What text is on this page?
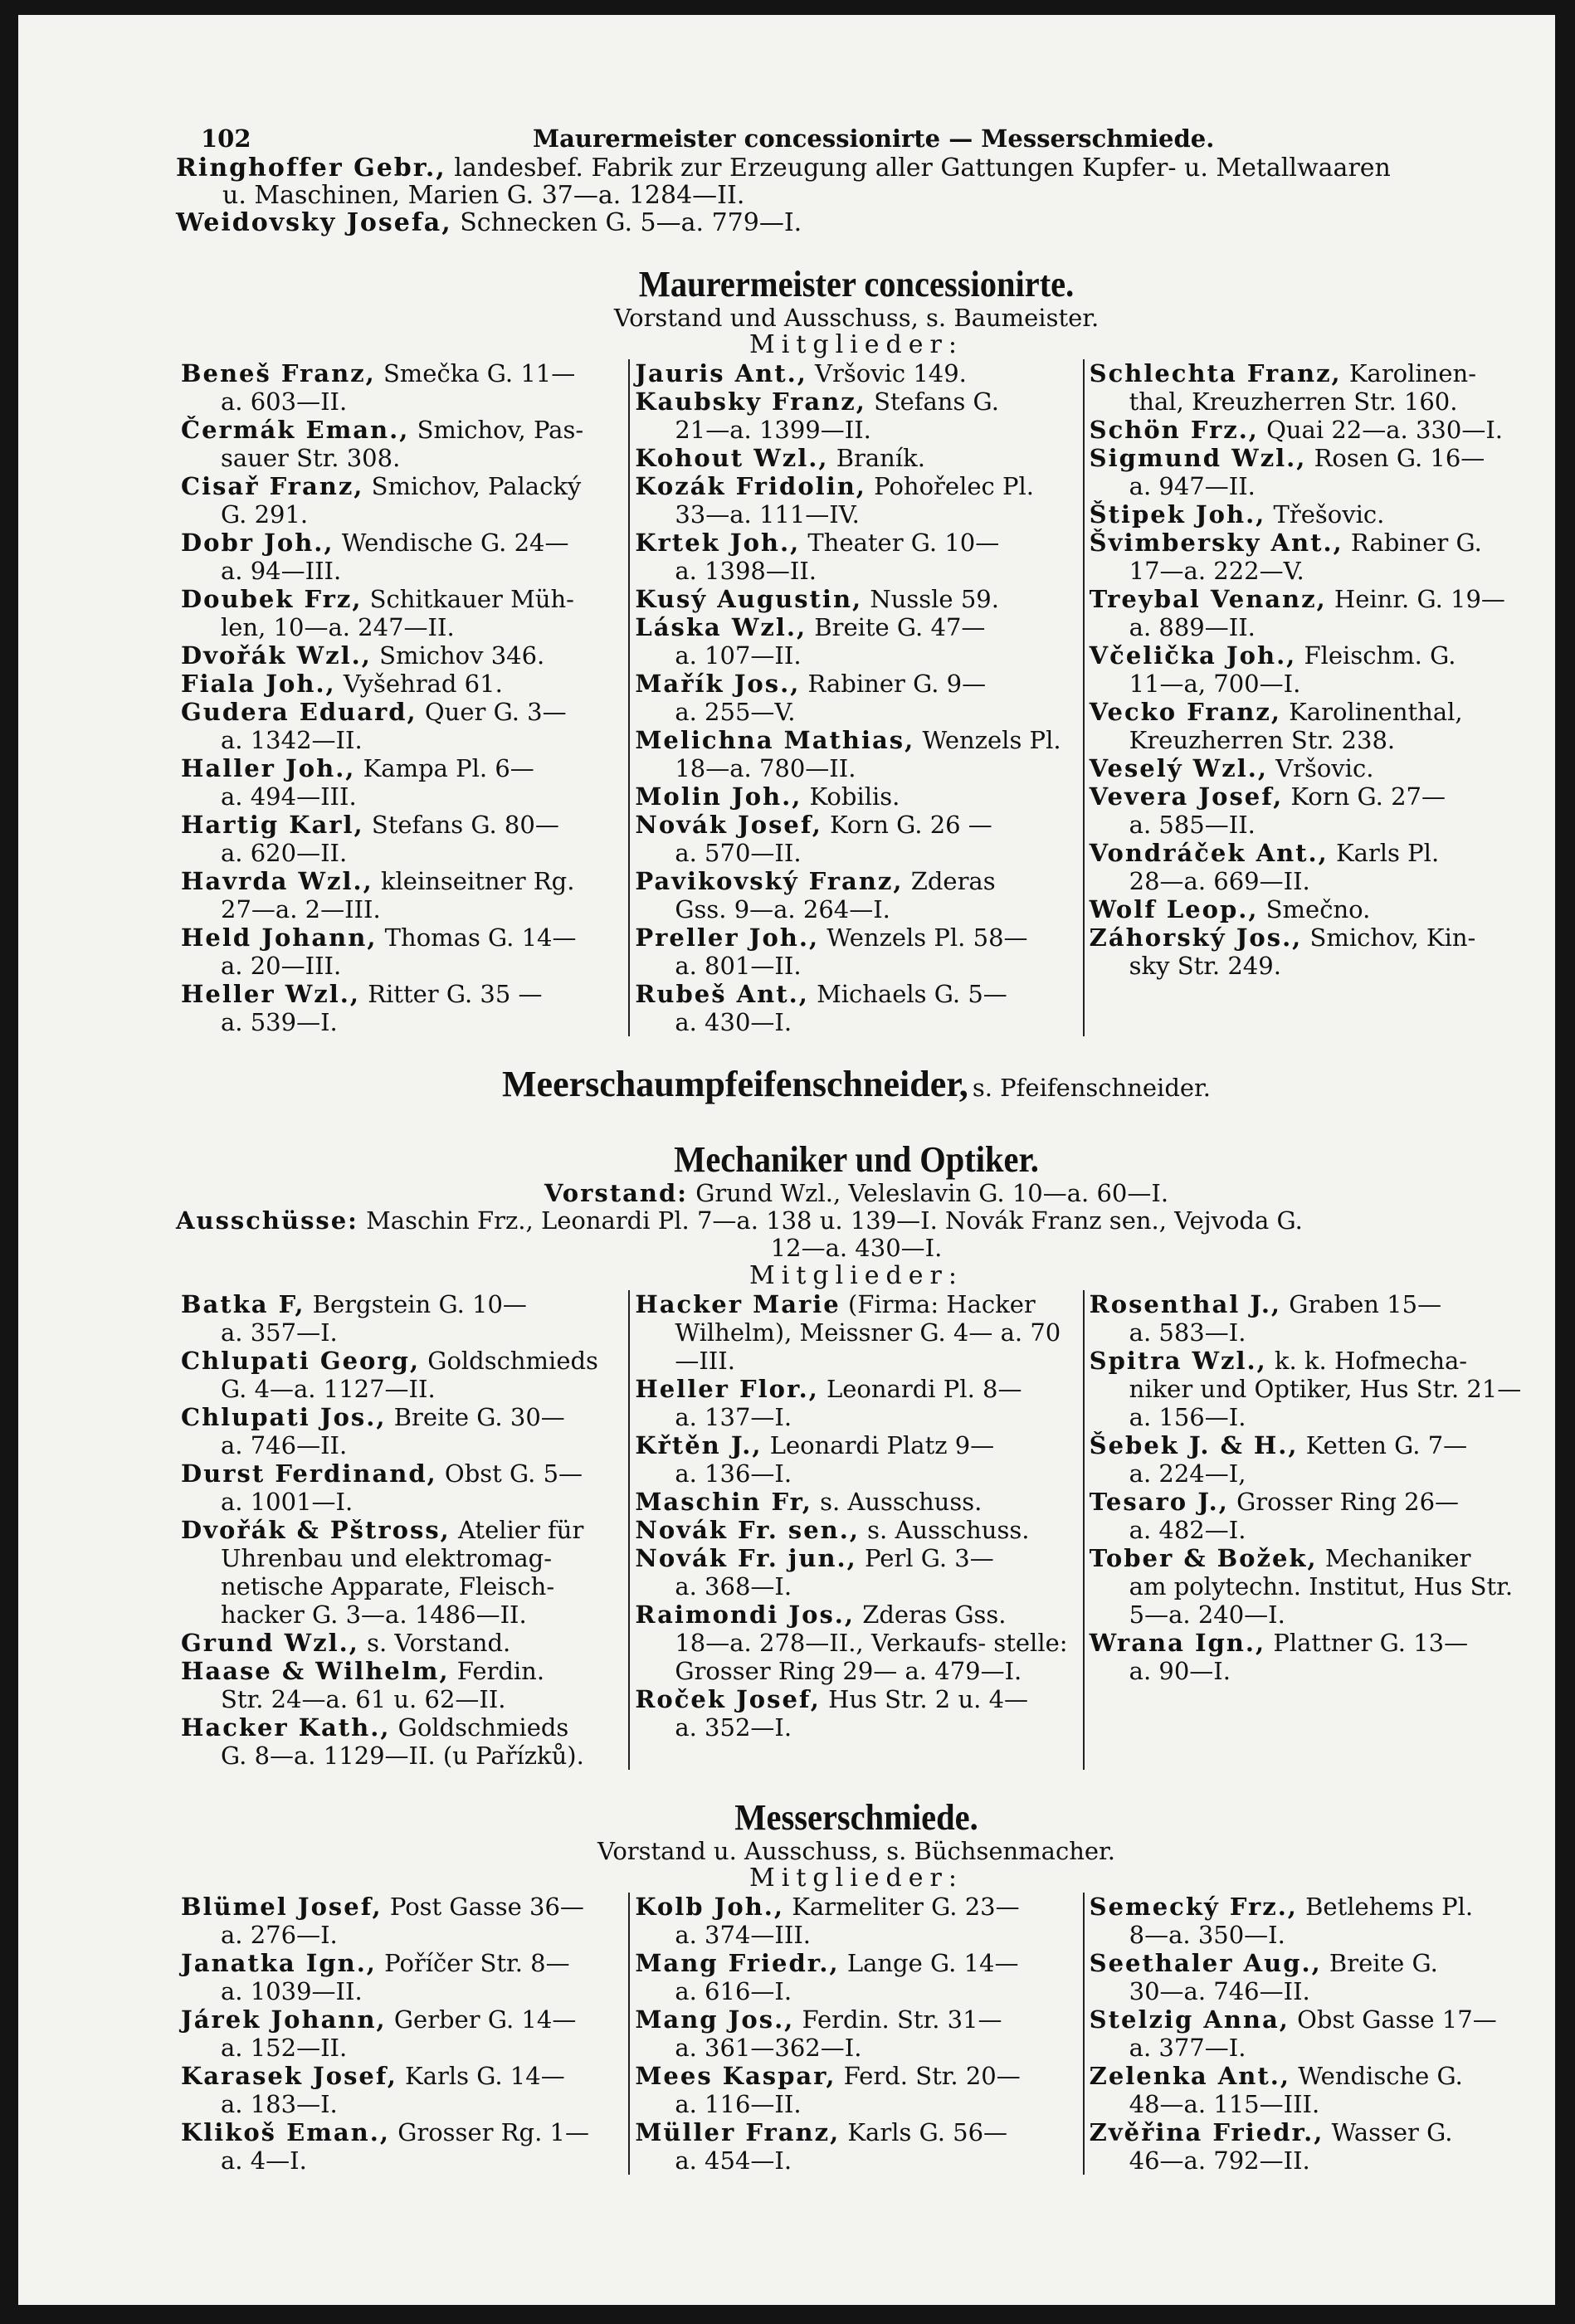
102	Maurermeister concessionirte — Messerschmiede.
Ringhoffer Gebr., landesbef. Fabrik zur Erzeugung aller Gattungen Kupfer- u. Metallwaaren
u. Maschinen, Marien G. 37—a. 1284—II.
Weidovsky Josefa, Schnecken G. 5—a. 779—I.
Maurermeister concessionirte.
Vorstand und Ausschuss, s. Baumeister.
Mitglieder:
Beneš Franz, Smečka G. 11—
a. 603—II.
Čermák Eman., Smichov, Pas-
sauer Str. 308.
Cisař Franz, Smichov, Palacký
G. 291.
Dobr Joh., Wendische G. 24—
a. 94—III.
Doubek Frz, Schitkauer Müh-
len, 10—a. 247—II.
Dvořák Wzl., Smichov 346.
Fiala Joh., Vyšehrad 61.
Gudera Eduard, Quer G. 3—
a. 1342—II.
Haller Joh., Kampa Pl. 6—
a. 494—III.
Hartig Karl, Stefans G. 80—
a. 620—II.
Havrda Wzl., kleinseitner Rg.
27—a. 2—III.
Held Johann, Thomas G. 14—
a. 20—III.
Heller Wzl., Ritter G. 35 —
a. 539—I.
Jauris Ant., Vršovic 149.
Kaubsky Franz, Stefans G.
21—a. 1399—II.
Kohout Wzl., Braník.
Kozák Fridolin, Pohořelec Pl.
33—a. 111—IV.
Krtek Joh., Theater G. 10—
a. 1398—II.
Kusý Augustin, Nussle 59.
Láska Wzl., Breite G. 47—
a. 107—II.
Mařík Jos., Rabiner G. 9—
a. 255—V.
Melichna Mathias, Wenzels Pl.
18—a. 780—II.
Molin Joh., Kobilis.
Novák Josef, Korn G. 26 —
a. 570—II.
Pavikovský Franz, Zderas
Gss. 9—a. 264—I.
Preller Joh., Wenzels Pl. 58—
a. 801—II.
Rubeš Ant., Michaels G. 5—
a. 430—I.
Schlechta Franz, Karolinen-
thal, Kreuzherren Str. 160.
Schön Frz., Quai 22—a. 330—I.
Sigmund Wzl., Rosen G. 16—
a. 947—II.
Štipek Joh., Třešovic.
Švimbersky Ant., Rabiner G.
17—a. 222—V.
Treybal Venanz, Heinr. G. 19—
a. 889—II.
Včelička Joh., Fleischm. G.
11—a, 700—I.
Vecko Franz, Karolinenthal,
Kreuzherren Str. 238.
Veselý Wzl., Vršovic.
Vevera Josef, Korn G. 27—
a. 585—II.
Vondráček Ant., Karls Pl.
28—a. 669—II.
Wolf Leop., Smečno.
Záhorský Jos., Smichov, Kin-
sky Str. 249.
Meerschaumpfeifenschneider, s. Pfeifenschneider.
Mechaniker und Optiker.
Vorstand: Grund Wzl., Veleslavin G. 10—a. 60—I.
Ausschüsse: Maschin Frz., Leonardi Pl. 7—a. 138 u. 139—I. Novák Franz sen., Vejvoda G.
12—a. 430—I.
Mitglieder:
Batka F, Bergstein G. 10—
a. 357—I.
Chlupati Georg, Goldschmieds
G. 4—a. 1127—II.
Chlupati Jos., Breite G. 30—
a. 746—II.
Durst Ferdinand, Obst G. 5—
a. 1001—I.
Dvořák & Pštross, Atelier für
Uhrenbau und elektromag- netische Apparate, Fleisch- hacker G. 3—a. 1486—II.
Grund Wzl., s. Vorstand.
Haase & Wilhelm, Ferdin.
Str. 24—a. 61 u. 62—II.
Hacker Kath., Goldschmieds
G. 8—a. 1129—II. (u Pařízků).
Hacker Marie (Firma: Hacker
Wilhelm), Meissner G. 4— a. 70—III.
Heller Flor., Leonardi Pl. 8—
a. 137—I.
Křtěn J., Leonardi Platz 9—
a. 136—I.
Maschin Fr, s. Ausschuss.
Novák Fr. sen., s. Ausschuss.
Novák Fr. jun., Perl G. 3—
a. 368—I.
Raimondi Jos., Zderas Gss.
18—a. 278—II., Verkaufs- stelle: Grosser Ring 29— a. 479—I.
Roček Josef, Hus Str. 2 u. 4—
a. 352—I.
Rosenthal J., Graben 15—
a. 583—I.
Spitra Wzl., k. k. Hofmecha-
niker und Optiker, Hus Str. 21—a. 156—I.
Šebek J. & H., Ketten G. 7—
a. 224—I,
Tesaro J., Grosser Ring 26—
a. 482—I.
Tober & Božek, Mechaniker
am polytechn. Institut, Hus Str. 5—a. 240—I.
Wrana Ign., Plattner G. 13—
a. 90—I.
Messerschmiede.
Vorstand u. Ausschuss, s. Büchsenmacher.
Mitglieder:
Blümel Josef, Post Gasse 36—
a. 276—I.
Janatka Ign., Poříčer Str. 8—
a. 1039—II.
Járek Johann, Gerber G. 14—
a. 152—II.
Karasek Josef, Karls G. 14—
a. 183—I.
Klikoš Eman., Grosser Rg. 1—
a. 4—I.
Kolb Joh., Karmeliter G. 23—
a. 374—III.
Mang Friedr., Lange G. 14—
a. 616—I.
Mang Jos., Ferdin. Str. 31—
a. 361—362—I.
Mees Kaspar, Ferd. Str. 20—
a. 116—II.
Müller Franz, Karls G. 56—
a. 454—I.
Semecký Frz., Betlehems Pl.
8—a. 350—I.
Seethaler Aug., Breite G.
30—a. 746—II.
Stelzig Anna, Obst Gasse 17—
a. 377—I.
Zelenka Ant., Wendische G.
48—a. 115—III.
Zvěřina Friedr., Wasser G.
46—a. 792—II.
